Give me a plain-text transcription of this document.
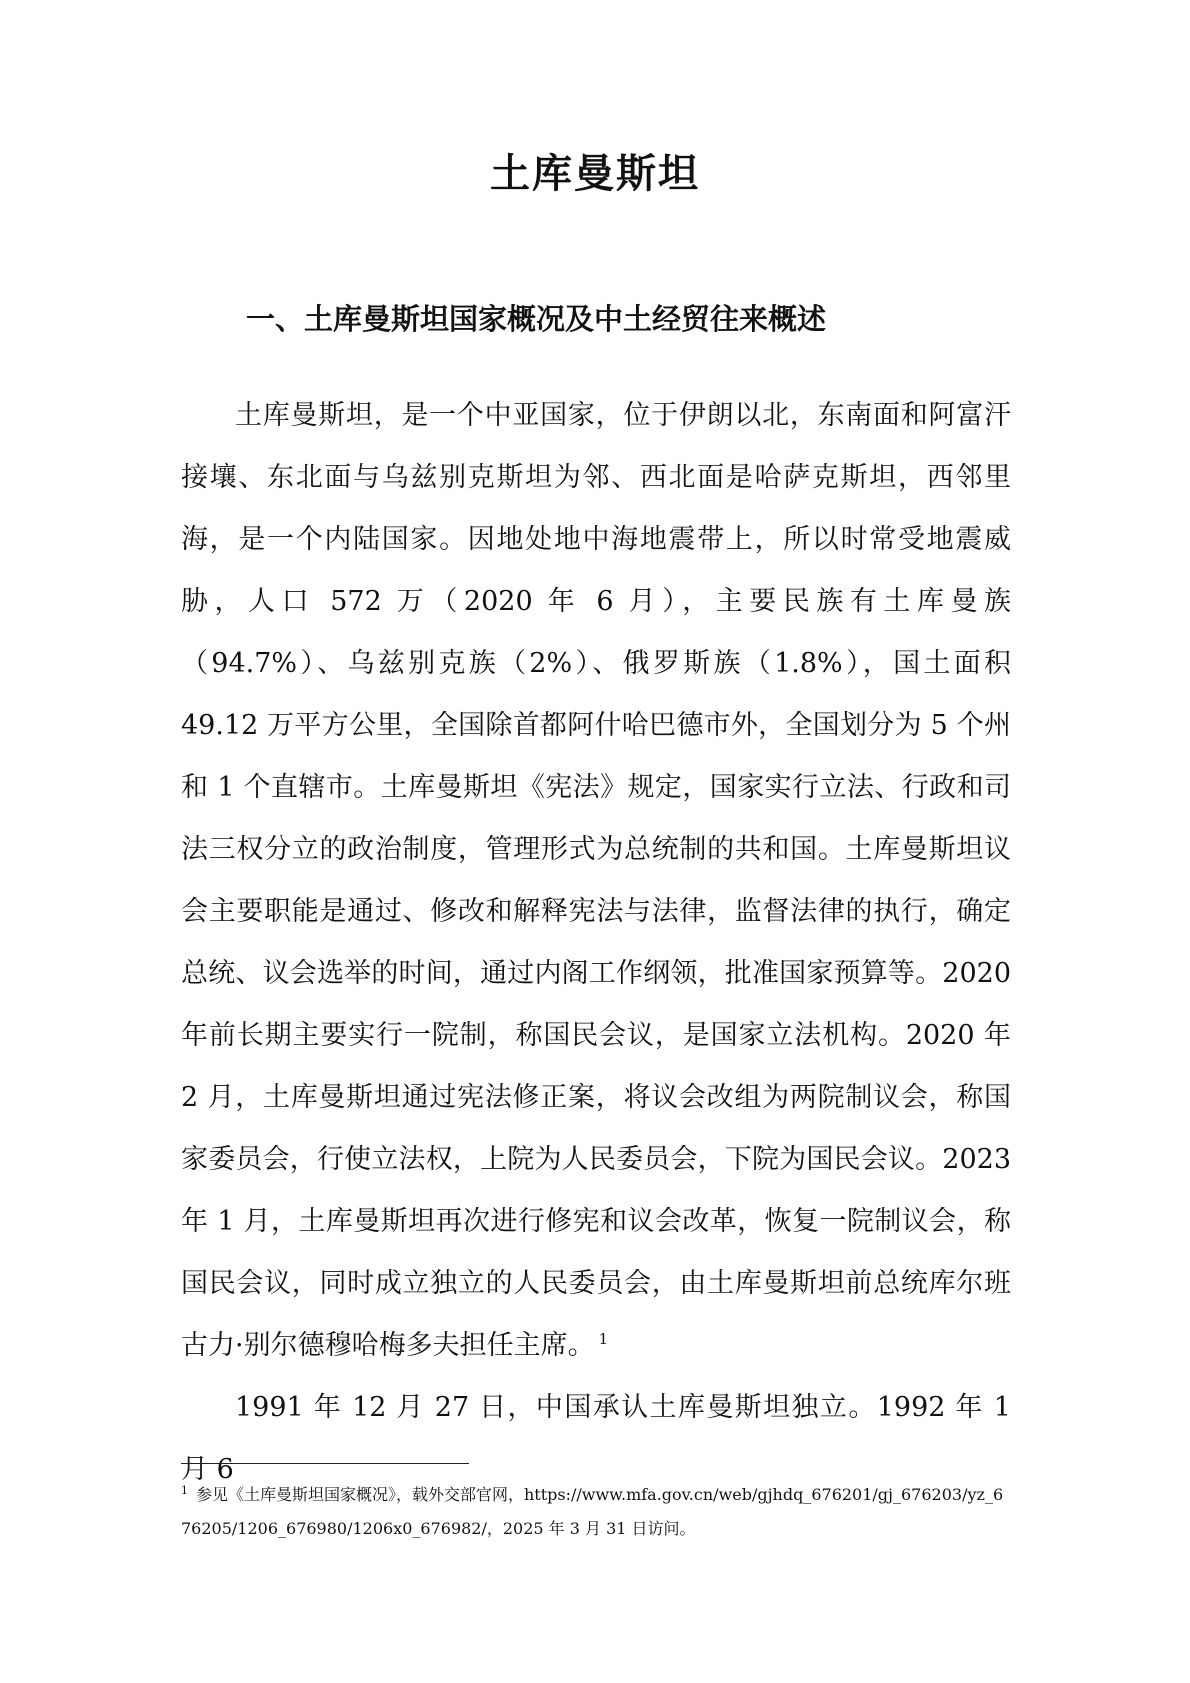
土库曼斯坦
一、土库曼斯坦国家概况及中土经贸往来概述

土库曼斯坦，是一个中亚国家，位于伊朗以北，东南面和阿富汗接壤、东北面与乌兹别克斯坦为邻、西北面是哈萨克斯坦，西邻里海，是一个内陆国家。因地处地中海地震带上，所以时常受地震威胁，人口 572 万（2020 年 6 月），主要民族有土库曼族（94.7%）、乌兹别克族（2%）、俄罗斯族（1.8%），国土面积 49.12 万平方公里，全国除首都阿什哈巴德市外，全国划分为 5 个州和 1 个直辖市。土库曼斯坦《宪法》规定，国家实行立法、行政和司法三权分立的政治制度，管理形式为总统制的共和国。土库曼斯坦议会主要职能是通过、修改和解释宪法与法律，监督法律的执行，确定总统、议会选举的时间，通过内阁工作纲领，批准国家预算等。2020 年前长期主要实行一院制，称国民会议，是国家立法机构。2020 年 2 月，土库曼斯坦通过宪法修正案，将议会改组为两院制议会，称国家委员会，行使立法权，上院为人民委员会，下院为国民会议。2023 年 1 月，土库曼斯坦再次进行修宪和议会改革，恢复一院制议会，称国民会议，同时成立独立的人民委员会，由土库曼斯坦前总统库尔班古力·别尔德穆哈梅多夫担任主席。 $^1$

1991 年 12 月 27 日，中国承认土库曼斯坦独立。1992 年 1 月 6

$^1$ 参见《土库曼斯坦国家概况》，载外交部官网，https://www.mfa.gov.cn/web/gjhdq_676201/gj_676203/yz_676205/1206_676980/1206x0_676982/，2025 年 3 月 31 日访问。
